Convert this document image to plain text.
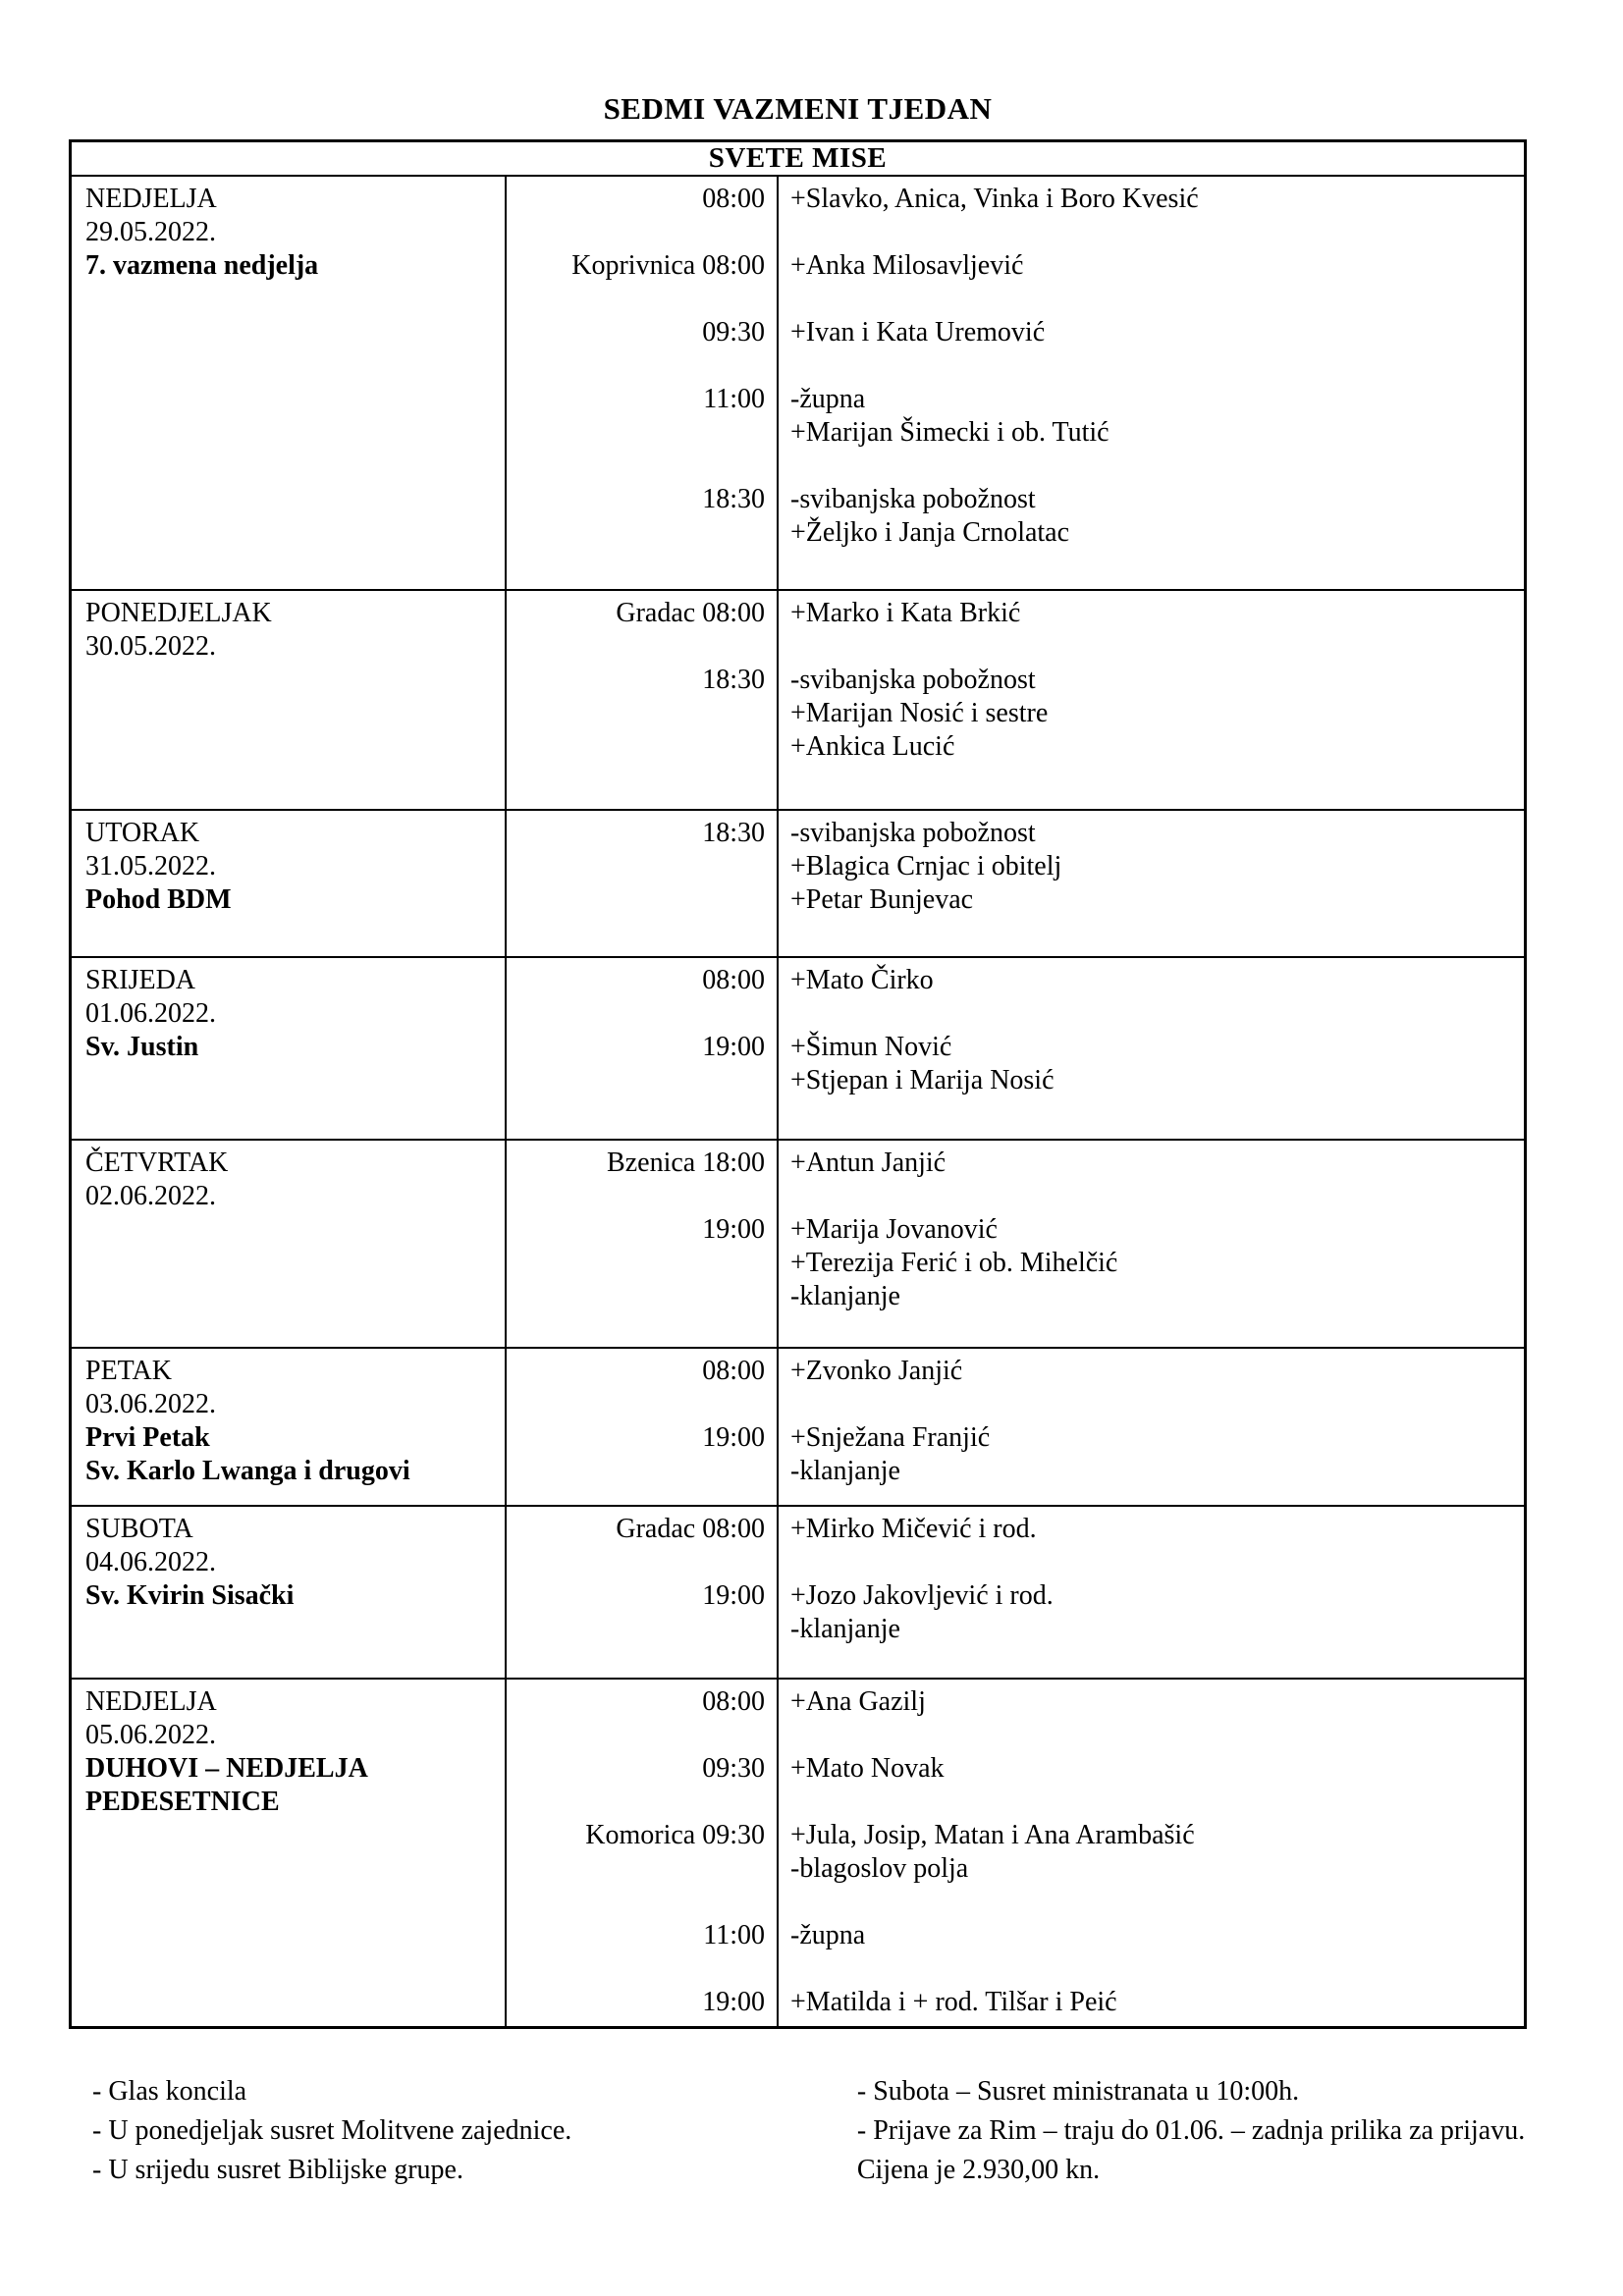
SEDMI VAZMENI TJEDAN
SVETE MISE
NEDJELJA
29.05.2022.
7. vazmena nedjelja
08:00
Koprivnica 08:00
09:30
11:00
18:30
+Slavko, Anica, Vinka i Boro Kvesić
+Anka Milosavljević
+Ivan i Kata Uremović
-župna
+Marijan Šimecki i ob. Tutić
-svibanjska pobožnost
+Željko i Janja Crnolatac
PONEDJELJAK
30.05.2022.
Gradac 08:00
18:30
+Marko i Kata Brkić
-svibanjska pobožnost
+Marijan Nosić i sestre
+Ankica Lucić
UTORAK
31.05.2022.
Pohod BDM
18:30 -svibanjska pobožnost
+Blagica Crnjac i obitelj
+Petar Bunjevac
SRIJEDA
01.06.2022.
Sv. Justin
08:00
19:00
+Mato Čirko
+Šimun Nović
+Stjepan i Marija Nosić
ČETVRTAK
02.06.2022.
Bzenica 18:00
19:00
+Antun Janjić
+Marija Jovanović
+Terezija Ferić i ob. Mihelčić
-klanjanje
PETAK
03.06.2022.
Prvi Petak
Sv. Karlo Lwanga i drugovi
08:00
19:00
+Zvonko Janjić
+Snježana Franjić
-klanjanje
SUBOTA
04.06.2022.
Sv. Kvirin Sisački
Gradac 08:00
19:00
+Mirko Mičević i rod.
+Jozo Jakovljević i rod.
-klanjanje
NEDJELJA
05.06.2022.
DUHOVI – NEDJELJA
PEDESETNICE
08:00
09:30
Komorica 09:30
11:00
19:00
+Ana Gazilj
+Mato Novak
+Jula, Josip, Matan i Ana Arambašić
-blagoslov polja
-župna
+Matilda i + rod. Tilšar i Peić
- Glas koncila
- U ponedjeljak susret Molitvene zajednice.
- U srijedu susret Biblijske grupe.
- Subota – Susret ministranata u 10:00h.
- Prijave za Rim – traju do 01.06. – zadnja prilika za prijavu. Cijena je 2.930,00 kn.
